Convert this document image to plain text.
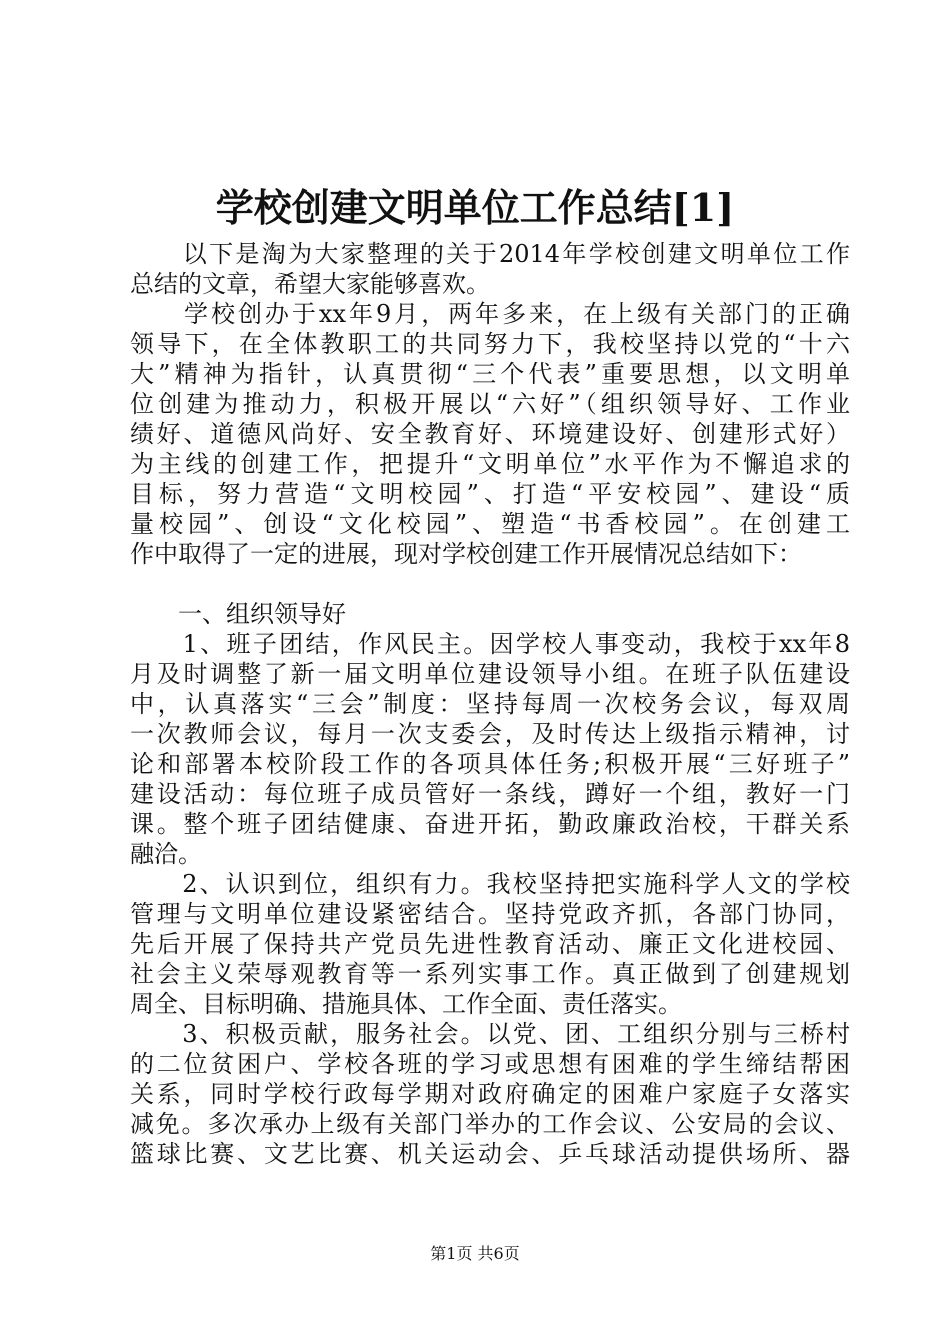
学校创建文明单位工作总结[1]
　　以下是淘为大家整理的关于2014年学校创建文明单位工作
总结的文章，希望大家能够喜欢。
　　学校创办于xx年9月，两年多来，在上级有关部门的正确
领导下，在全体教职工的共同努力下，我校坚持以党的“十六
大”精神为指针，认真贯彻“三个代表”重要思想，以文明单
位创建为推动力，积极开展以“六好”（组织领导好、工作业
绩好、道德风尚好、安全教育好、环境建设好、创建形式好）
为主线的创建工作，把提升“文明单位”水平作为不懈追求的
目标，努力营造“文明校园”、打造“平安校园”、建设“质
量校园”、创设“文化校园”、塑造“书香校园”。在创建工
作中取得了一定的进展，现对学校创建工作开展情况总结如下：
　　一、组织领导好
　　1、班子团结，作风民主。因学校人事变动，我校于xx年8
月及时调整了新一届文明单位建设领导小组。在班子队伍建设
中，认真落实“三会”制度：坚持每周一次校务会议，每双周
一次教师会议，每月一次支委会，及时传达上级指示精神，讨
论和部署本校阶段工作的各项具体任务;积极开展“三好班子”
建设活动：每位班子成员管好一条线，蹲好一个组，教好一门
课。整个班子团结健康、奋进开拓，勤政廉政治校，干群关系
融洽。
　　2、认识到位，组织有力。我校坚持把实施科学人文的学校
管理与文明单位建设紧密结合。坚持党政齐抓，各部门协同，
先后开展了保持共产党员先进性教育活动、廉正文化进校园、
社会主义荣辱观教育等一系列实事工作。真正做到了创建规划
周全、目标明确、措施具体、工作全面、责任落实。
　　3、积极贡献，服务社会。以党、团、工组织分别与三桥村
的二位贫困户、学校各班的学习或思想有困难的学生缔结帮困
关系，同时学校行政每学期对政府确定的困难户家庭子女落实
减免。多次承办上级有关部门举办的工作会议、公安局的会议、
篮球比赛、文艺比赛、机关运动会、乒乓球活动提供场所、器
第1页 共6页
